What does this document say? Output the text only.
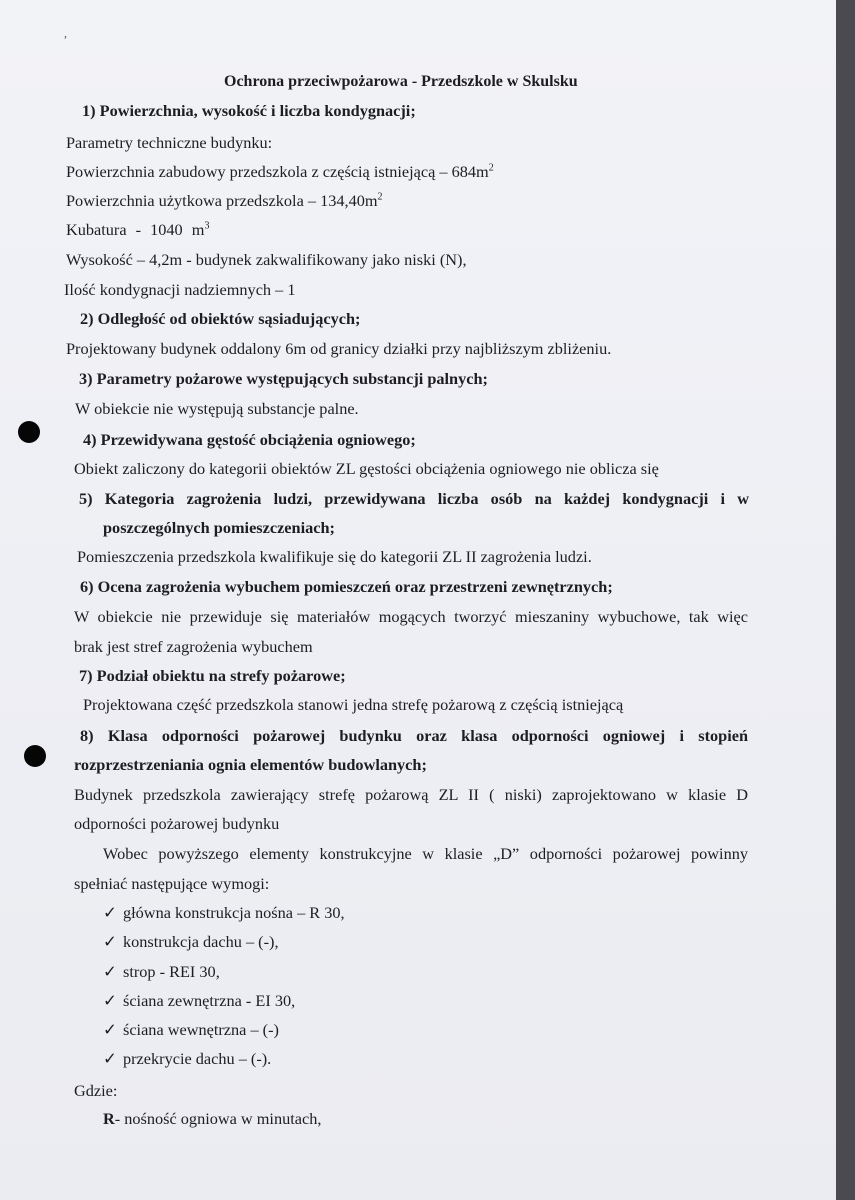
,
Ochrona przeciwpożarowa - Przedszkole w Skulsku
1) Powierzchnia, wysokość i liczba kondygnacji;
Parametry techniczne budynku:
Powierzchnia zabudowy przedszkola z częścią istniejącą – $684m^2$
Powierzchnia użytkowa przedszkola – $134,40m^2$
Kubatura - 1040 $m^3$
Wysokość – 4,2m - budynek zakwalifikowany jako niski (N),
Ilość kondygnacji nadziemnych – 1
2) Odległość od obiektów sąsiadujących;
Projektowany budynek oddalony 6m od granicy działki przy najbliższym zbliżeniu.
3) Parametry pożarowe występujących substancji palnych;
W obiekcie nie występują substancje palne.
4) Przewidywana gęstość obciążenia ogniowego;
Obiekt zaliczony do kategorii obiektów ZL gęstości obciążenia ogniowego nie oblicza się
5) Kategoria zagrożenia ludzi, przewidywana liczba osób na każdej kondygnacji i w
poszczególnych pomieszczeniach;
Pomieszczenia przedszkola kwalifikuje się do kategorii ZL II zagrożenia ludzi.
6) Ocena zagrożenia wybuchem pomieszczeń oraz przestrzeni zewnętrznych;
W obiekcie nie przewiduje się materiałów mogących tworzyć mieszaniny wybuchowe, tak więc
brak jest stref zagrożenia wybuchem
7) Podział obiektu na strefy pożarowe;
Projektowana część przedszkola stanowi jedna strefę pożarową z częścią istniejącą
8) Klasa odporności pożarowej budynku oraz klasa odporności ogniowej i stopień
rozprzestrzeniania ognia elementów budowlanych;
Budynek przedszkola zawierający strefę pożarową ZL II ( niski) zaprojektowano w klasie D
odporności pożarowej budynku
Wobec powyższego elementy konstrukcyjne w klasie „D” odporności pożarowej powinny
spełniać następujące wymogi:
✓ główna konstrukcja nośna – R 30,
✓ konstrukcja dachu – (-),
✓ strop - REI 30,
✓ ściana zewnętrzna - EI 30,
✓ ściana wewnętrzna – (-)
✓ przekrycie dachu – (-).
Gdzie:
R- nośność ogniowa w minutach,
